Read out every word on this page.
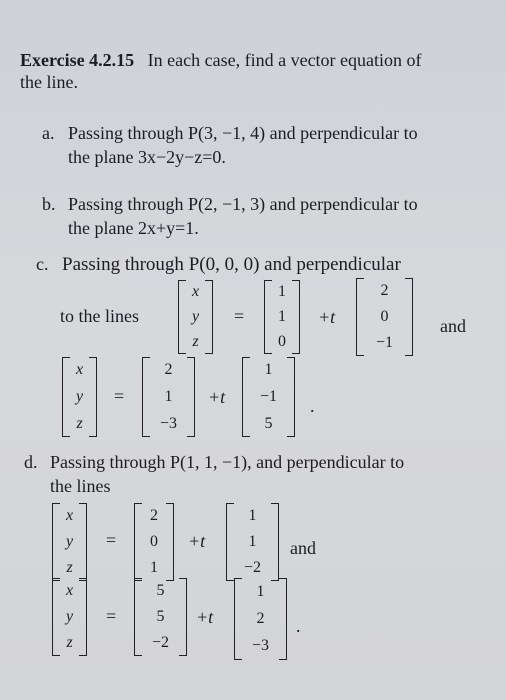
Exercise 4.2.15 In each case, find a vector equation of
the line.
a. Passing through P(3, −1, 4) and perpendicular to
the plane 3x−2y−z=0.
b. Passing through P(2, −1, 3) and perpendicular to
the plane 2x+y=1.
c. Passing through P(0, 0, 0) and perpendicular
to the lines
x
y
z
=
1
1
0
+t
2
0
−1
and
x
y
z
=
2
1
−3
+t
1
−1
5
.
d. Passing through P(1, 1, −1), and perpendicular to
the lines
x
y
z
=
2
0
1
+t
1
1
−2
and
x
y
z
=
5
5
−2
+t
1
2
−3
.
